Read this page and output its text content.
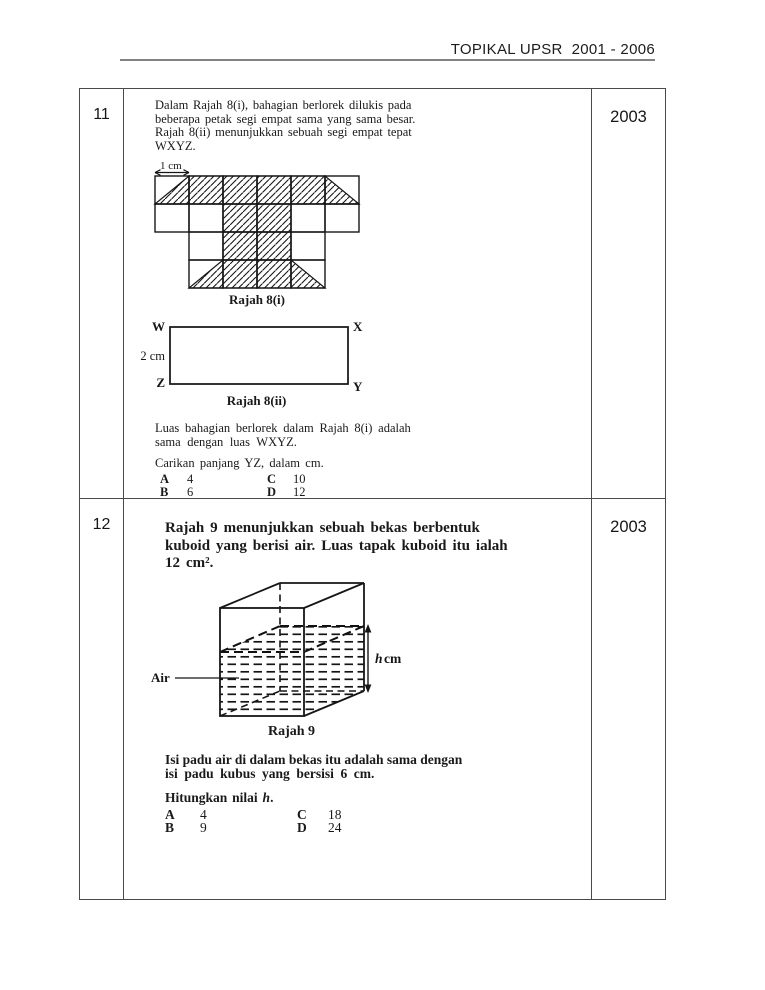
TOPIKAL UPSR  2001 - 2006
11
Dalam Rajah 8(i), bahagian berlorek dilukis pada
beberapa petak segi empat sama yang sama besar.
Rajah 8(ii) menunjukkan sebuah segi empat tepat
WXYZ.
1 cm
Rajah 8(i)
W	X
2 cm
Z	Y
Rajah 8(ii)
Luas bahagian berlorek dalam Rajah 8(i) adalah
sama dengan luas WXYZ.
Carikan panjang YZ, dalam cm.
A	4	C	10
B	6	D	12
2003
12	Rajah 9 menunjukkan sebuah bekas berbentuk
kuboid yang berisi air. Luas tapak kuboid itu ialah
12 cm².
hcm
Air
Rajah 9
Isi padu air di dalam bekas itu adalah sama dengan
isi padu kubus yang bersisi 6 cm.
Hitungkan nilai h.
A	4	C	18
B	9	D	24
2003
